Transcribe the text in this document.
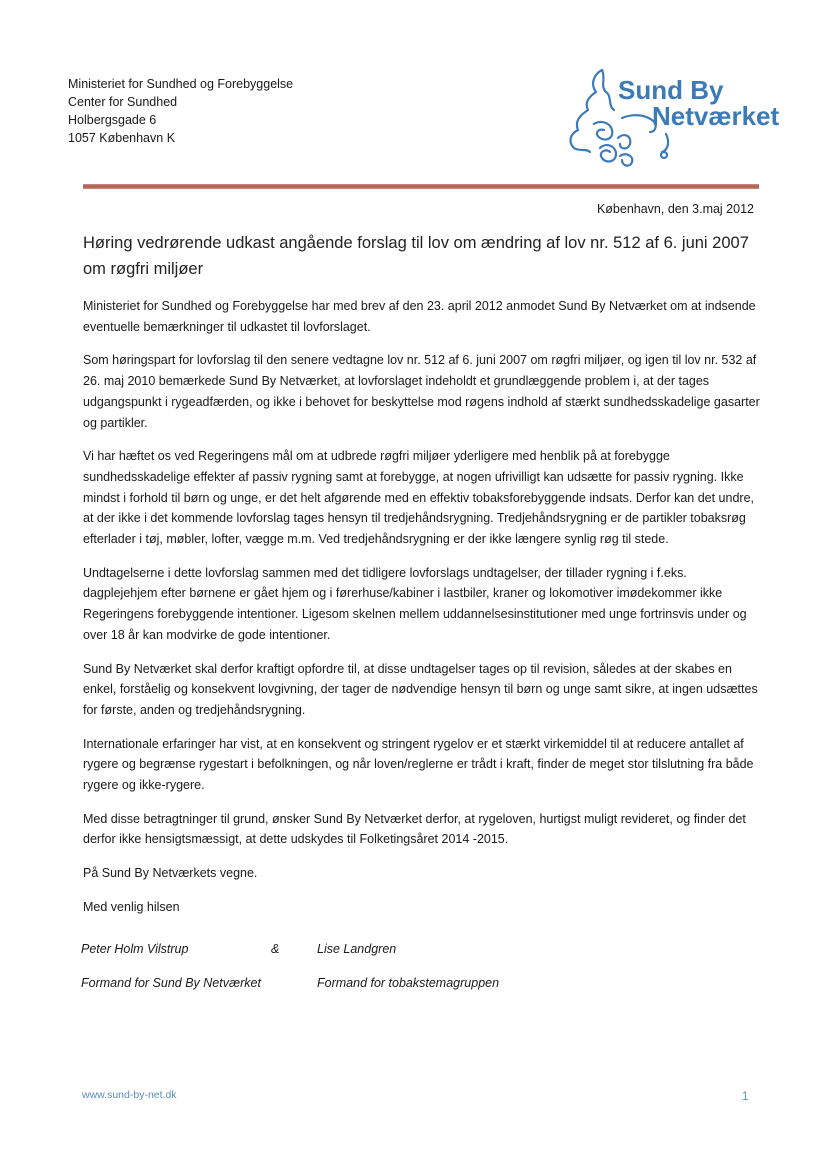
Ministeriet for Sundhed og Forebyggelse
Center for Sundhed
Holbergsgade 6
1057 København K
Sund By
Netværket
København, den 3.maj 2012
Høring vedrørende udkast angående forslag til lov om ændring af lov nr. 512 af 6. juni 2007 om røgfri miljøer

Ministeriet for Sundhed og Forebyggelse har med brev af den 23. april 2012 anmodet Sund By Netværket om at indsende eventuelle bemærkninger til udkastet til lovforslaget.

Som høringspart for lovforslag til den senere vedtagne lov nr. 512 af 6. juni 2007 om røgfri miljøer, og igen til lov nr. 532 af 26. maj 2010 bemærkede Sund By Netværket, at lovforslaget indeholdt et grundlæggende problem i, at der tages udgangspunkt i rygeadfærden, og ikke i behovet for beskyttelse mod røgens indhold af stærkt sundhedsskadelige gasarter og partikler.

Vi har hæftet os ved Regeringens mål om at udbrede røgfri miljøer yderligere med henblik på at forebygge sundhedsskadelige effekter af passiv rygning samt at forebygge, at nogen ufrivilligt kan udsætte for passiv rygning. Ikke mindst i forhold til børn og unge, er det helt afgørende med en effektiv tobaksforebyggende indsats. Derfor kan det undre, at der ikke i det kommende lovforslag tages hensyn til tredjehåndsrygning. Tredjehåndsrygning er de partikler tobaksrøg efterlader i tøj, møbler, lofter, vægge m.m. Ved tredjehåndsrygning er der ikke længere synlig røg til stede.

Undtagelserne i dette lovforslag sammen med det tidligere lovforslags undtagelser, der tillader rygning i f.eks. dagplejehjem efter børnene er gået hjem og i førerhuse/kabiner i lastbiler, kraner og lokomotiver imødekommer ikke Regeringens forebyggende intentioner. Ligesom skelnen mellem uddannelsesinstitutioner med unge fortrinsvis under og over 18 år kan modvirke de gode intentioner.

Sund By Netværket skal derfor kraftigt opfordre til, at disse undtagelser tages op til revision, således at der skabes en enkel, forståelig og konsekvent lovgivning, der tager de nødvendige hensyn til børn og unge samt sikre, at ingen udsættes for første, anden og tredjehåndsrygning.

Internationale erfaringer har vist, at en konsekvent og stringent rygelov er et stærkt virkemiddel til at reducere antallet af rygere og begrænse rygestart i befolkningen, og når loven/reglerne er trådt i kraft, finder de meget stor tilslutning fra både rygere og ikke-rygere.

Med disse betragtninger til grund, ønsker Sund By Netværket derfor, at rygeloven, hurtigst muligt revideret, og finder det derfor ikke hensigtsmæssigt, at dette udskydes til Folketingsåret 2014 -2015.

På Sund By Netværkets vegne.

Med venlig hilsen

Peter Holm Vilstrup	&	Lise Landgren
Formand for Sund By Netværket	Formand for tobakstemagruppen
www.sund-by-net.dk	1
